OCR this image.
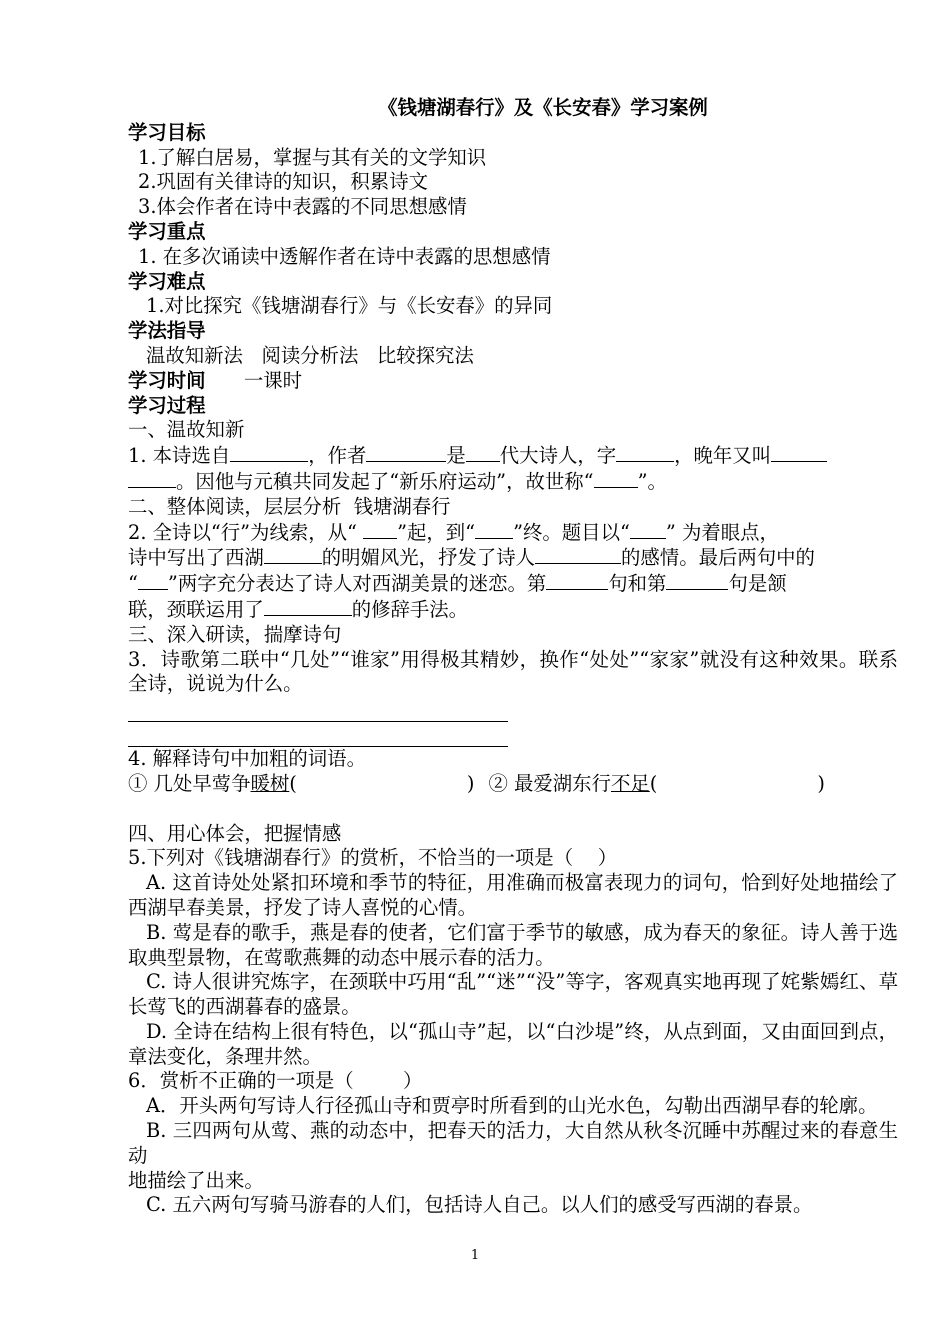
《钱塘湖春行》及《长安春》学习案例
学习目标
1.了解白居易，掌握与其有关的文学知识
2.巩固有关律诗的知识，积累诗文
3.体会作者在诗中表露的不同思想感情
学习重点
1. 在多次诵读中透解作者在诗中表露的思想感情
学习难点
1.对比探究《钱塘湖春行》与《长安春》的异同
学法指导
温故知新法   阅读分析法   比较探究法
学习时间 一课时
学习过程
一、温故知新
1. 本诗选自	，作者	是 代大诗人，字	，晚年又叫
。因他与元稹共同发起了“新乐府运动”，故世称“ ”。
二、整体阅读，层层分析  钱塘湖春行
2. 全诗以“行”为线索，从“ ”起，到“ ”终。题目以“ ” 为着眼点，
诗中写出了西湖	的明媚风光，抒发了诗人	的感情。最后两句中的
“ ”两字充分表达了诗人对西湖美景的迷恋。第	句和第	句是颔
联，颈联运用了	的修辞手法。
三、深入研读，揣摩诗句
3．诗歌第二联中“几处”“谁家”用得极其精妙，换作“处处”“家家”就没有这种效果。联系全诗，说说为什么。
4. 解释诗句中加粗的词语。
① 几处早莺争暖树(	) ② 最爱湖东行不足(	)
四、用心体会，把握情感
5.下列对《钱塘湖春行》的赏析，不恰当的一项是（    ）
A. 这首诗处处紧扣环境和季节的特征，用准确而极富表现力的词句，恰到好处地描绘了西湖早春美景，抒发了诗人喜悦的心情。
B. 莺是春的歌手，燕是春的使者，它们富于季节的敏感，成为春天的象征。诗人善于选取典型景物，在莺歌燕舞的动态中展示春的活力。
C. 诗人很讲究炼字，在颈联中巧用“乱”“迷”“没”等字，客观真实地再现了姹紫嫣红、草长莺飞的西湖暮春的盛景。
D. 全诗在结构上很有特色，以“孤山寺”起，以“白沙堤”终，从点到面，又由面回到点，章法变化，条理井然。
6．赏析不正确的一项是（        ）
A．开头两句写诗人行径孤山寺和贾亭时所看到的山光水色，勾勒出西湖早春的轮廓。
B. 三四两句从莺、燕的动态中，把春天的活力，大自然从秋冬沉睡中苏醒过来的春意生动
地描绘了出来。
C. 五六两句写骑马游春的人们，包括诗人自己。以人们的感受写西湖的春景。
1
